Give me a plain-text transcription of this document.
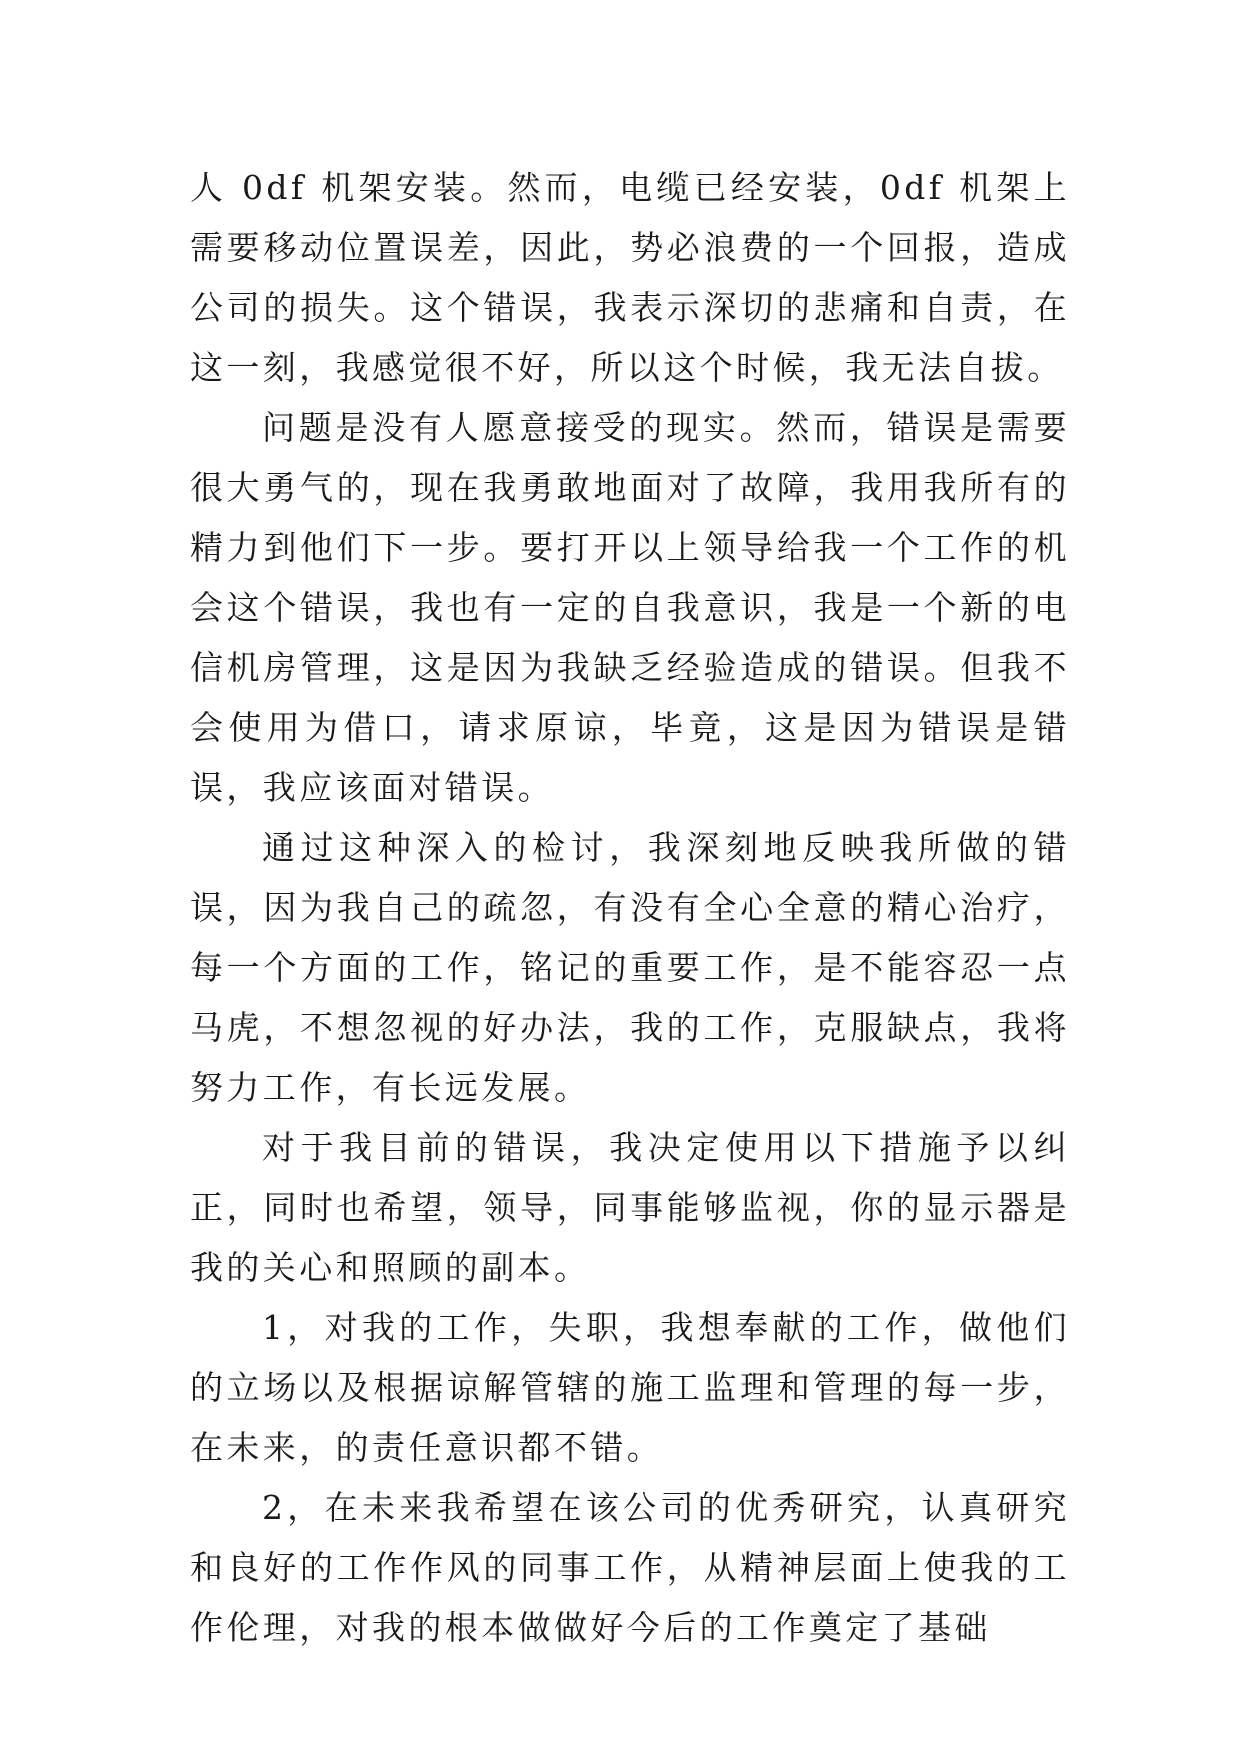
人 0df 机架安装。然而，电缆已经安装，0df 机架上需要移动位置误差，因此，势必浪费的一个回报，造成公司的损失。这个错误，我表示深切的悲痛和自责，在这一刻，我感觉很不好，所以这个时候，我无法自拔。

问题是没有人愿意接受的现实。然而，错误是需要很大勇气的，现在我勇敢地面对了故障，我用我所有的精力到他们下一步。要打开以上领导给我一个工作的机会这个错误，我也有一定的自我意识，我是一个新的电信机房管理，这是因为我缺乏经验造成的错误。但我不会使用为借口，请求原谅，毕竟，这是因为错误是错误，我应该面对错误。

通过这种深入的检讨，我深刻地反映我所做的错误，因为我自己的疏忽，有没有全心全意的精心治疗，每一个方面的工作，铭记的重要工作，是不能容忍一点马虎，不想忽视的好办法，我的工作，克服缺点，我将努力工作，有长远发展。

对于我目前的错误，我决定使用以下措施予以纠正，同时也希望，领导，同事能够监视，你的显示器是我的关心和照顾的副本。

1，对我的工作，失职，我想奉献的工作，做他们的立场以及根据谅解管辖的施工监理和管理的每一步，在未来，的责任意识都不错。

2，在未来我希望在该公司的优秀研究，认真研究和良好的工作作风的同事工作，从精神层面上使我的工作伦理，对我的根本做做好今后的工作奠定了基础
